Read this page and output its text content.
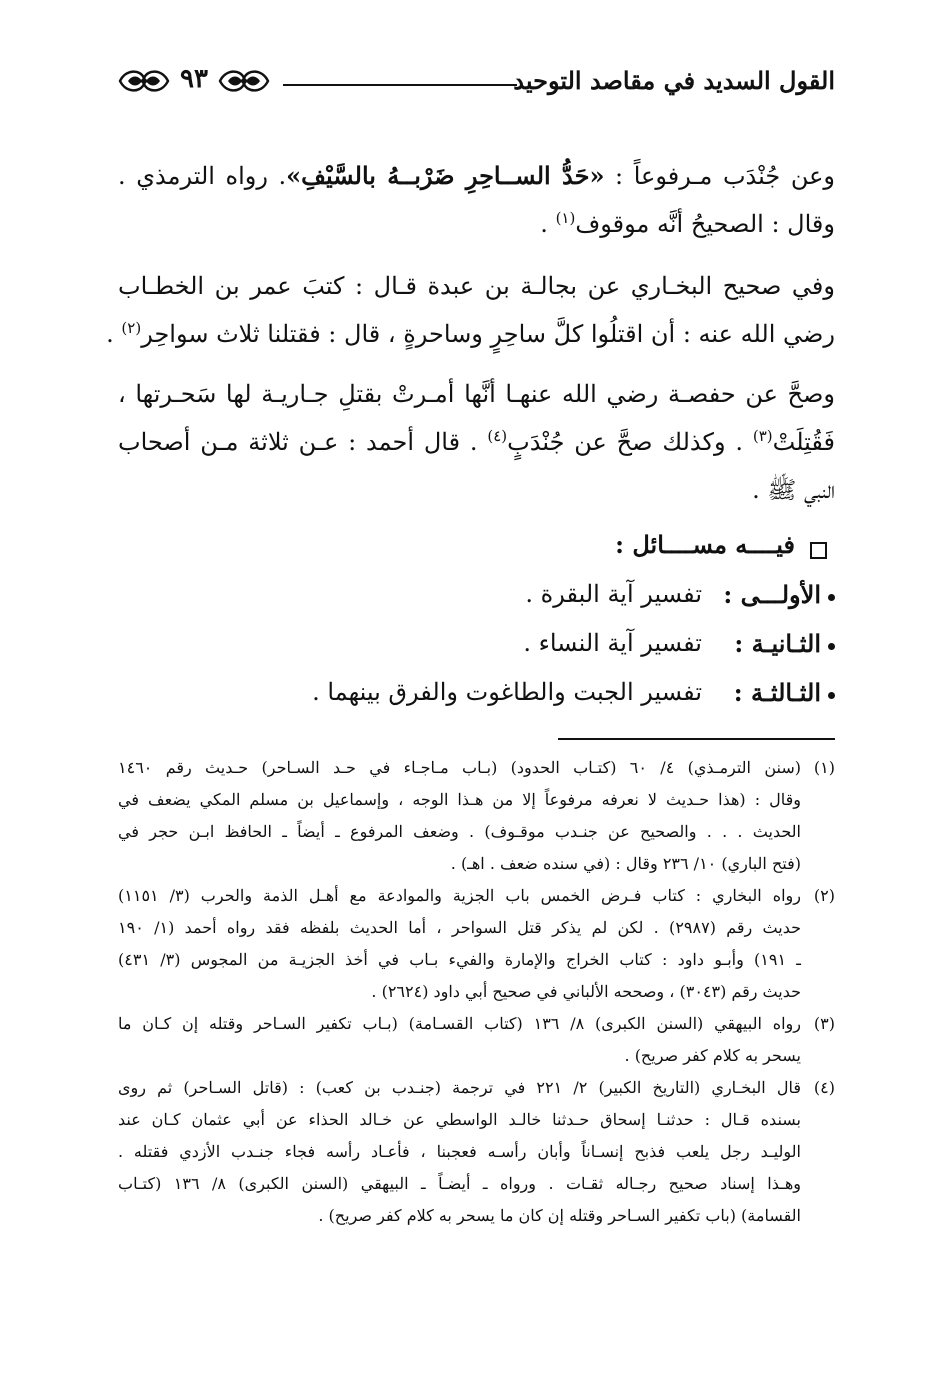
القول السديد في مقاصد التوحيد
٩٣
وعن جُنْدَب مـرفوعاً : «حَدُّ الســاحِرِ ضَرْبــهُ بالسَّيْفِ». رواه الترمذي .
وقال : الصحيحُ أنَّه موقوف$^{(١)}$ .
وفي صحيح البخـاري عن بجالـة بن عبدة قـال : كتبَ عمر بن الخطـاب
رضي الله عنه : أن اقتلُوا كلَّ ساحِرٍ وساحرةٍ ، قال : فقتلنا ثلاث سواحِر$^{(٢)}$ .
وصحَّ عن حفصـة رضي الله عنهـا أنَّها أمـرتْ بقتلِ جـاريـة لها سَحـرتها ،
فَقُتِلَتْ$^{(٣)}$ . وكذلك صحَّ عن جُنْدَبٍ$^{(٤)}$ . قال أحمد : عـن ثلاثة مـن أصحاب
النبي ﷺ .
فيــــه مســــائل :
الأولـــى :
تفسير آية البقرة .
الثـانيـة :
تفسير آية النساء .
الثـالثـة :
تفسير الجبت والطاغوت والفرق بينهما .
(١)
(سنن الترمـذي) ٤/ ٦٠ (كتـاب الحدود) (بـاب مـاجـاء في حـد السـاحر) حـديث رقم ١٤٦٠
وقال : (هذا حـديث لا نعرفه مرفوعاً إلا من هـذا الوجه ، وإسماعيل بن مسلم المكي يضعف في
الحديث . . . والصحيح عن جنـدب موقـوف) . وضعف المرفوع ـ أيضاً ـ الحافظ ابـن حجر في
(فتح الباري) ١٠/ ٢٣٦ وقال : (في سنده ضعف . اهـ) .
(٢)
رواه البخاري : كتاب فـرض الخمس باب الجزية والموادعة مع أهـل الذمة والحرب (٣/ ١١٥١)
حديث رقم (٢٩٨٧) . لكن لم يذكر قتل السواحر ، أما الحديث بلفظه فقد رواه أحمد (١/ ١٩٠
ـ ١٩١) وأبـو داود : كتاب الخراج والإمارة والفيء بـاب في أخذ الجزيـة من المجوس (٣/ ٤٣١)
حديث رقم (٣٠٤٣) ، وصححه الألباني في صحيح أبي داود (٢٦٢٤) .
(٣)
رواه البيهقي (السنن الكبرى) ٨/ ١٣٦ (كتاب القسـامة) (بـاب تكفير السـاحر وقتله إن كـان ما
يسحر به كلام كفر صريح) .
(٤)
قال البخـاري (التاريخ الكبير) ٢/ ٢٢١ في ترجمة (جنـدب بن كعب) : (قاتل السـاحر) ثم روى
بسنده قـال : حدثنـا إسحاق حـدثنا خالـد الواسطي عن خـالد الحذاء عن أبي عثمان كـان عند
الوليـد رجل يلعب فذبح إنسـاناً وأبان رأسـه فعجبنا ، فأعـاد رأسه فجاء جنـدب الأزدي فقتله .
وهـذا إسناد صحيح رجـاله ثقـات . ورواه ـ أيضـاً ـ البيهقي (السنن الكبرى) ٨/ ١٣٦ (كتـاب
القسامة) (باب تكفير السـاحر وقتله إن كان ما يسحر به كلام كفر صريح) .
